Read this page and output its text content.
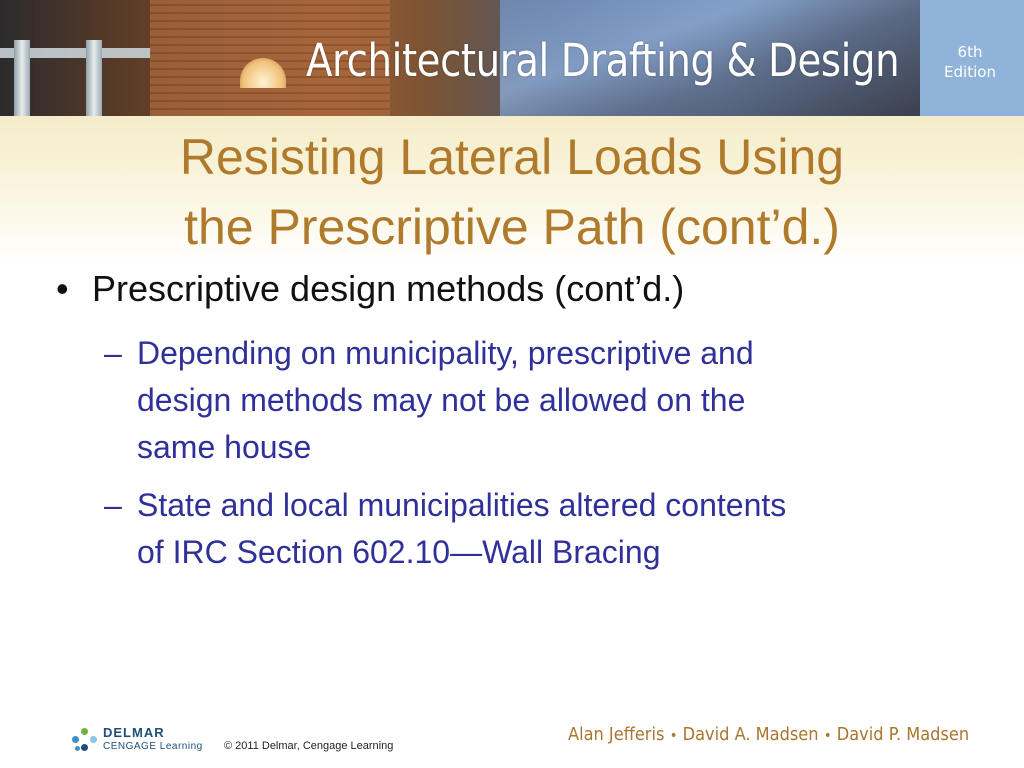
Architectural Drafting & Design	6th
Edition
Resisting Lateral Loads Using
the Prescriptive Path (cont’d.)
• Prescriptive design methods (cont’d.)
– Depending on municipality, prescriptive and
design methods may not be allowed on the
same house
– State and local municipalities altered contents
of IRC Section 602.10—Wall Bracing
DELMAR
CENGAGE Learning © 2011 Delmar, Cengage Learning
Alan Jefferis • David A. Madsen • David P. Madsen
